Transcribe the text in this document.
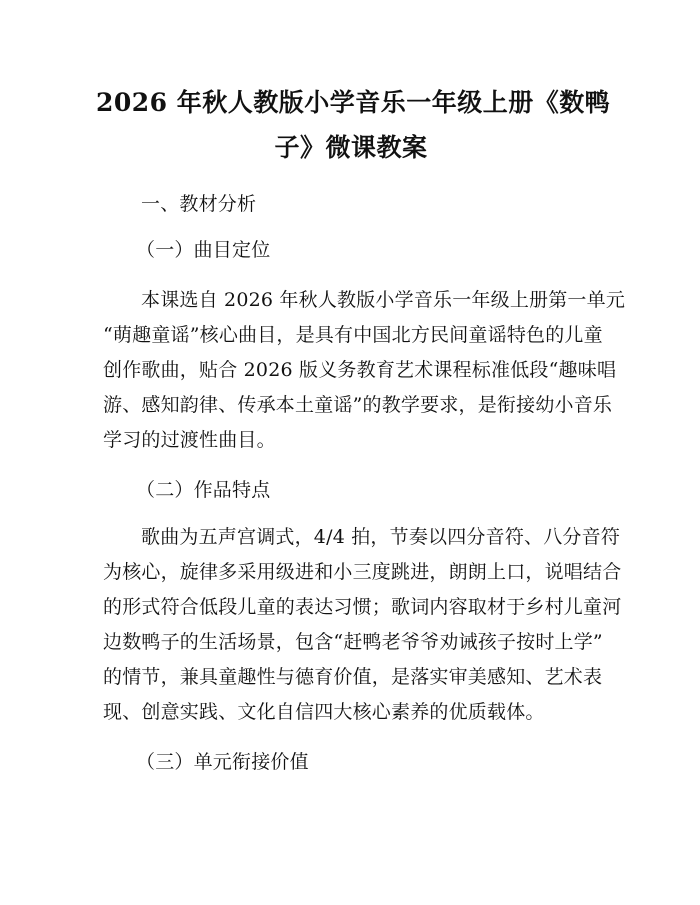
2026 年秋人教版小学音乐一年级上册《数鸭
子》微课教案

一、教材分析

（一）曲目定位

本课选自 2026 年秋人教版小学音乐一年级上册第一单元

“萌趣童谣”核心曲目，是具有中国北方民间童谣特色的儿童

创作歌曲，贴合 2026 版义务教育艺术课程标准低段“趣味唱

游、感知韵律、传承本土童谣”的教学要求，是衔接幼小音乐

学习的过渡性曲目。

（二）作品特点

歌曲为五声宫调式，4/4 拍，节奏以四分音符、八分音符

为核心，旋律多采用级进和小三度跳进，朗朗上口，说唱结合

的形式符合低段儿童的表达习惯；歌词内容取材于乡村儿童河

边数鸭子的生活场景，包含“赶鸭老爷爷劝诫孩子按时上学”

的情节，兼具童趣性与德育价值，是落实审美感知、艺术表

现、创意实践、文化自信四大核心素养的优质载体。

（三）单元衔接价值
